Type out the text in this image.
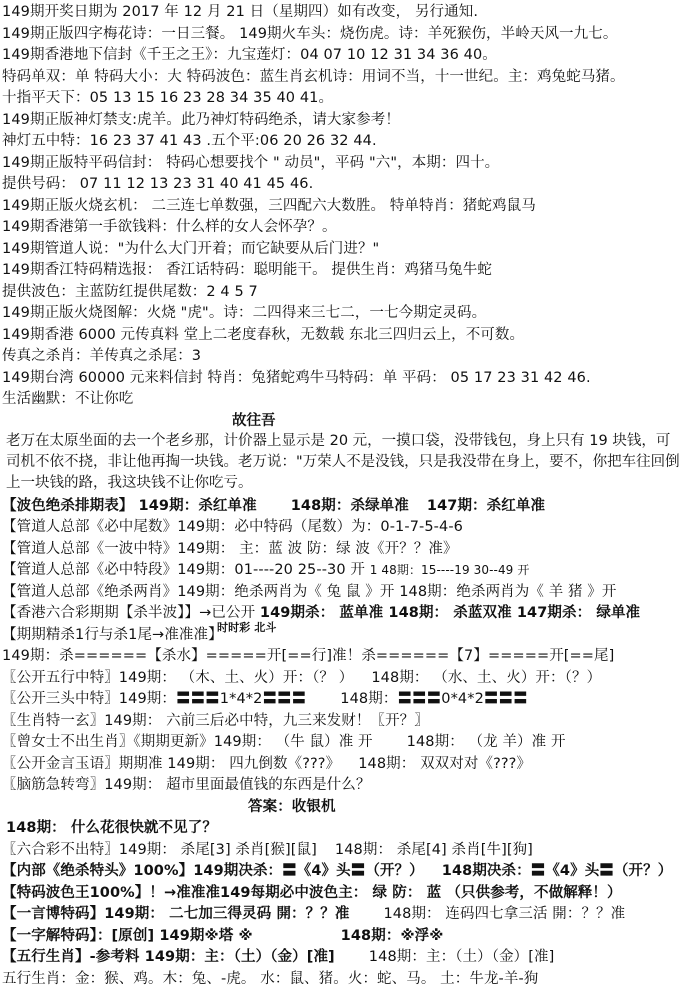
149期开奖日期为 2017 年 12 月 21 日（星期四）如有改变， 另行通知.
149期正版四字梅花诗：一日三餐。 149期火车头：烧伤虎。诗：羊死猴伤，半岭天风一九七。
149期香港地下信封《千王之王》：九宝莲灯：04 07 10 12 31 34 36 40。
特码单双：单 特码大小：大 特码波色：蓝生肖玄机诗：用词不当，十一世纪。主：鸡兔蛇马猪。
十指平天下：05 13 15 16 23 28 34 35 40 41。
149期正版神灯禁支:虎羊。此乃神灯特码绝杀，请大家参考！
神灯五中特：16 23 37 41 43 .五个平:06 20 26 32 44.
149期正版特平码信封： 特码心想要找个 " 动员"，平码 "六"，本期：四十。
提供号码： 07 11 12 13 23 31 40 41 45 46.
149期正版火烧玄机： 二三连七单数强，三四配六大数胜。 特单特肖：猪蛇鸡鼠马
149期香港第一手欲钱料：什么样的女人会怀孕？。
149期管道人说："为什么大门开着；而它缺要从后门进？"
149期香江特码精选报： 香江话特码：聪明能干。 提供生肖：鸡猪马兔牛蛇
提供波色：主蓝防红提供尾数：2 4 5 7
149期正版火烧图解：火烧 "虎"。诗：二四得来三七二，一七今期定灵码。
149期香港 6000 元传真料 堂上二老度春秋，无数载 东北三四归云上，不可数。
传真之杀肖：羊传真之杀尾：3
149期台湾 60000 元来料信封 特肖：兔猪蛇鸡牛马特码：单 平码： 05 17 23 31 42 46.
生活幽默：不让你吃
故往吾
老万在太原坐面的去一个老乡那，计价器上显示是 20 元，一摸口袋，没带钱包，身上只有 19 块钱，可司机不依不挠，非让他再掏一块钱。老万说："万荣人不是没钱，只是我没带在身上，要不，你把车往回倒上一块钱的路，我这块钱不让你吃亏。
【波色绝杀排期表】 149期：杀红单准 148期：杀绿单准 147期：杀红单准
【管道人总部《必中尾数》149期：必中特码（尾数）为：0-1-7-5-4-6
【管道人总部《一波中特》149期： 主：蓝 波 防：绿 波《开？？准》
【管道人总部《必中特段》149期：01----20 25--30 开 1 48期：15----19 30--49 开
【管道人总部《绝杀两肖》149期：绝杀两肖为《 兔 鼠 》开 148期：绝杀两肖为《 羊 猪 》开
【香港六合彩期期【杀半波】】→已公开 149期杀： 蓝单准 148期： 杀蓝双准 147期杀： 绿单准
【期期精杀1行与杀1尾→准准准】
时时彩 北斗
149期：杀======【杀水】=====开[==行]准！杀======【7】=====开[==尾]
〖公开五行中特〗149期： （木、土、火）开：（？ ） 148期： （水、土、火）开：（？）
〖公开三头中特〗149期：〓〓〓1*4*2〓〓〓 148期：〓〓〓0*4*2〓〓〓
〖生肖特一玄〗149期： 六前三后必中特，九三来发财！〖开？〗
〖曾女士不出生肖〗《期期更新》149期： （牛 鼠）准 开 148期： （龙 羊）准 开
〖公开金言玉语〗期期准 149期： 四九倒数《???》 148期： 双双对对《???》
〖脑筋急转弯〗149期： 超市里面最值钱的东西是什么？
答案：收银机
148期： 什么花很快就不见了？
〖六合彩不出特〗149期： 杀尾[3] 杀肖[猴][鼠] 148期： 杀尾[4] 杀肖[牛][狗]
【内部《绝杀特头》100%】149期决杀：〓《4》头〓（开？） 148期决杀：〓《4》头〓（开？）
【特码波色王100%】！→准准准149每期必中波色主： 绿 防： 蓝 （只供参考，不做解释！）
【一言博特码】149期： 二七加三得灵码 開：？？准 148期： 连码四七拿三活 開：？？准
【一字解特码】：[原创] 149期※塔 ※	148期：※浮※
【五行生肖】-参考料 149期：主：（土）（金）[准] 148期：主：（土）（金）[准]
五行生肖：金：猴、鸡。木：兔、-虎。 水：鼠、猪。火：蛇、马。 土：牛龙-羊-狗
